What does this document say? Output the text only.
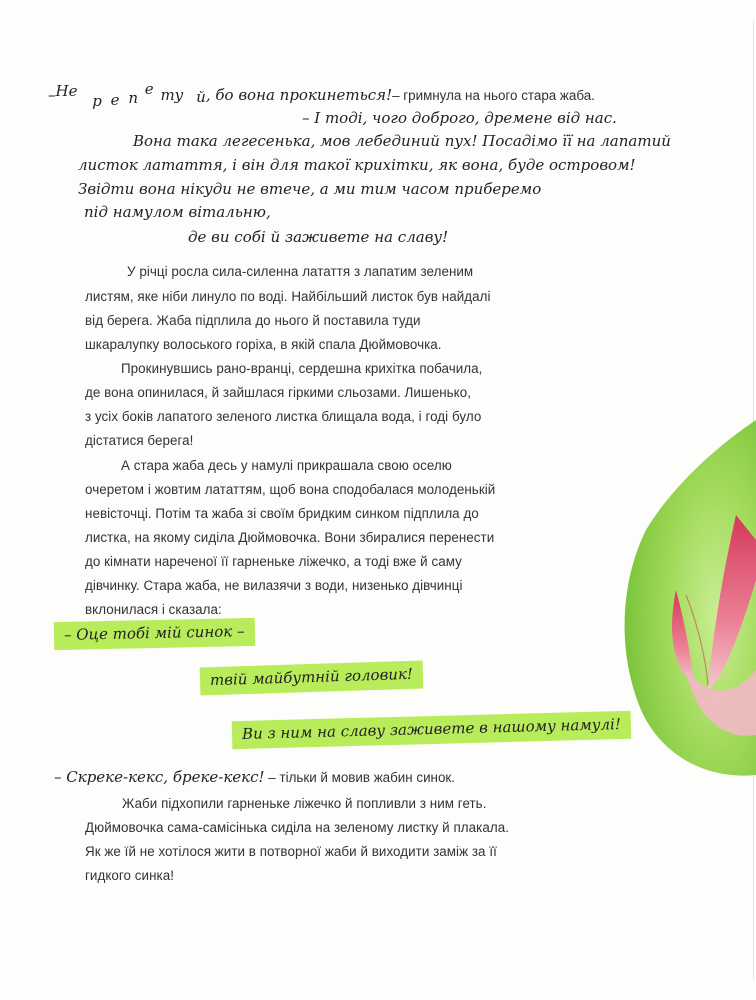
–Не р е п е ту й, бо вона прокинеться!– гримнула на нього стара жаба.
– І тоді, чого доброго, дремене від нас.
Вона така легесенька, мов лебединий пух! Посадімо її на лапатий
листок латаття, і він для такої крихітки, як вона, буде островом!
Звідти вона нікуди не втече, а ми тим часом приберемо
під намулом вітальню,
де ви собі й заживете на славу!
У річці росла сила-силенна латаття з лапатим зеленим
листям, яке ніби линуло по воді. Найбільший листок був найдалі
від берега. Жаба підплила до нього й поставила туди
шкаралупку волоського горіха, в якій спала Дюймовочка.
Прокинувшись рано-вранці, сердешна крихітка побачила,
де вона опинилася, й зайшлася гіркими сльозами. Лишенько,
з усіх боків лапатого зеленого листка блищала вода, і годі було
дістатися берега!
А стара жаба десь у намулі прикрашала свою оселю
очеретом і жовтим лататтям, щоб вона сподобалася молоденькій
невісточці. Потім та жаба зі своїм бридким синком підплила до
листка, на якому сиділа Дюймовочка. Вони збиралися перенести
до кімнати нареченої її гарненьке ліжечко, а тоді вже й саму
дівчинку. Стара жаба, не вилазячи з води, низенько дівчинці
вклонилася і сказала:
– Оце тобі мій синок –
твій майбутній головик!
Ви з ним на славу заживете в нашому намулі!
– Скреке-кекс, бреке-кекс! – тільки й мовив жабин синок.
Жаби підхопили гарненьке ліжечко й попливли з ним геть.
Дюймовочка сама-самісінька сиділа на зеленому листку й плакала.
Як же їй не хотілося жити в потворної жаби й виходити заміж за її
гидкого синка!
